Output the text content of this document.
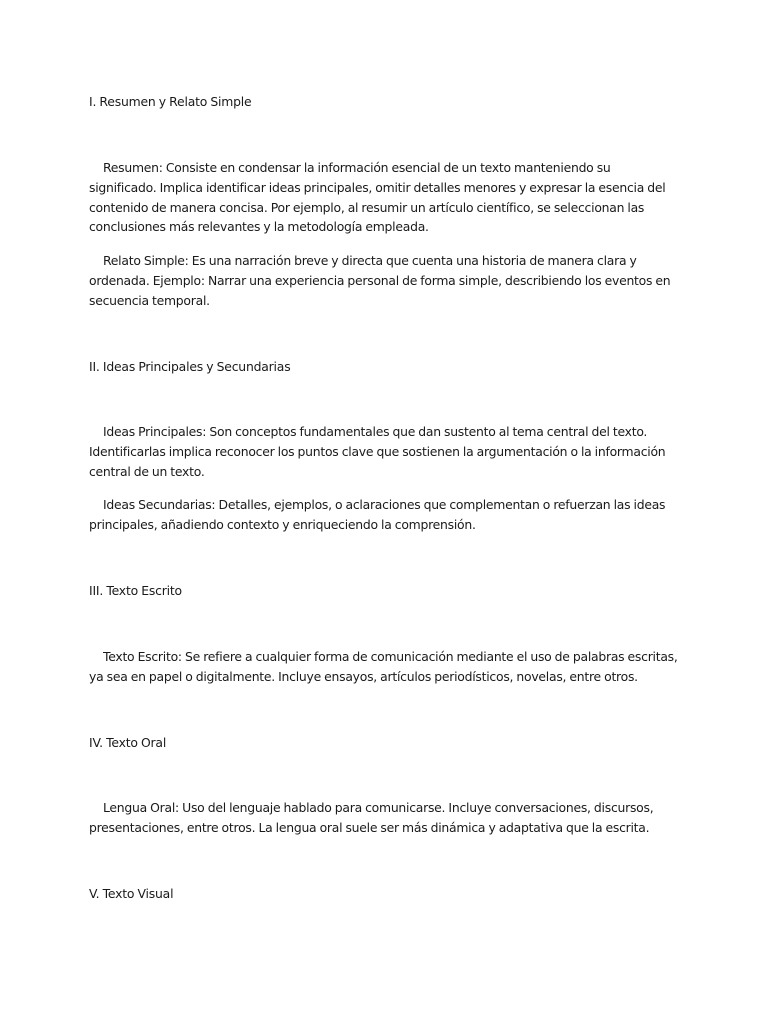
I. Resumen y Relato Simple

Resumen: Consiste en condensar la información esencial de un texto manteniendo su significado. Implica identificar ideas principales, omitir detalles menores y expresar la esencia del contenido de manera concisa. Por ejemplo, al resumir un artículo científico, se seleccionan las conclusiones más relevantes y la metodología empleada.

Relato Simple: Es una narración breve y directa que cuenta una historia de manera clara y ordenada. Ejemplo: Narrar una experiencia personal de forma simple, describiendo los eventos en secuencia temporal.

II. Ideas Principales y Secundarias

Ideas Principales: Son conceptos fundamentales que dan sustento al tema central del texto. Identificarlas implica reconocer los puntos clave que sostienen la argumentación o la información central de un texto.

Ideas Secundarias: Detalles, ejemplos, o aclaraciones que complementan o refuerzan las ideas principales, añadiendo contexto y enriqueciendo la comprensión.

III. Texto Escrito

Texto Escrito: Se refiere a cualquier forma de comunicación mediante el uso de palabras escritas, ya sea en papel o digitalmente. Incluye ensayos, artículos periodísticos, novelas, entre otros.

IV. Texto Oral

Lengua Oral: Uso del lenguaje hablado para comunicarse. Incluye conversaciones, discursos, presentaciones, entre otros. La lengua oral suele ser más dinámica y adaptativa que la escrita.

V. Texto Visual
